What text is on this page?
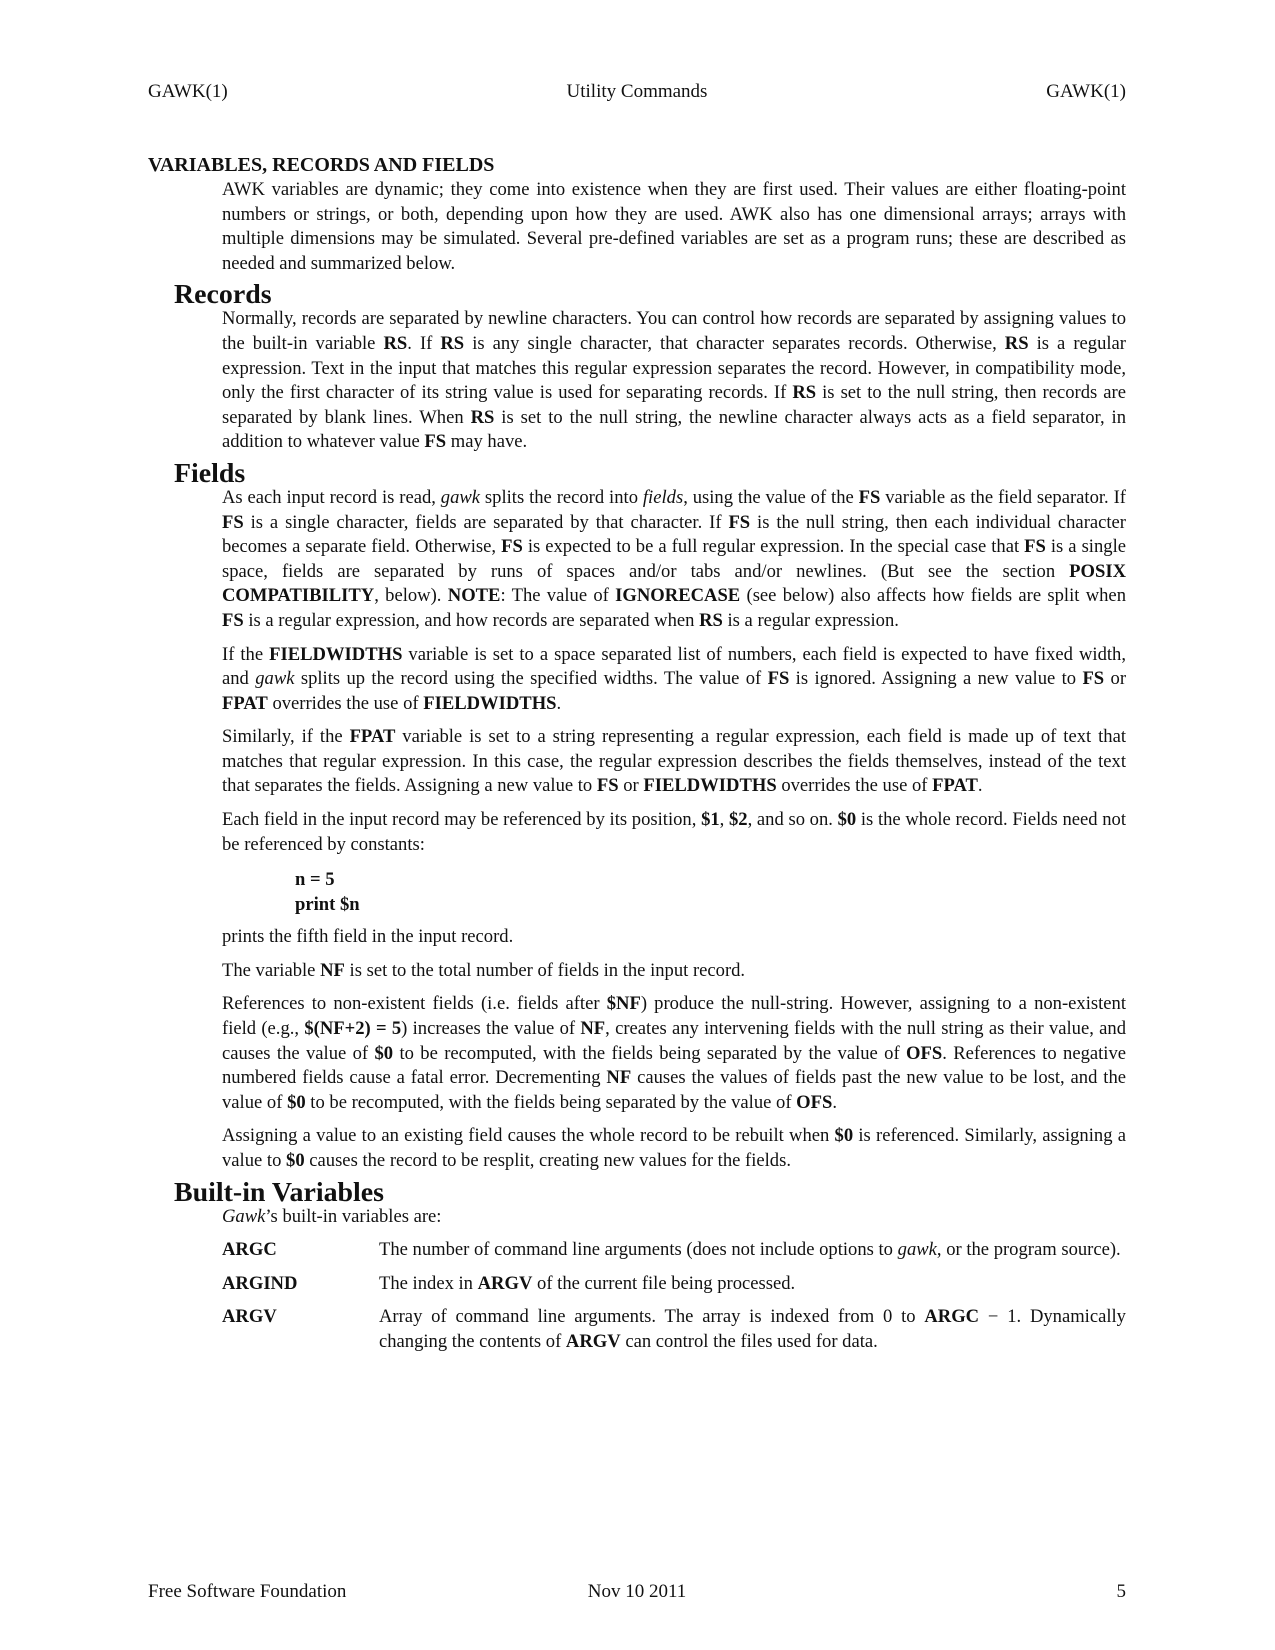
GAWK(1)	Utility Commands	GAWK(1)
VARIABLES, RECORDS AND FIELDS

AWK variables are dynamic; they come into existence when they are first used. Their values are either floating-point numbers or strings, or both, depending upon how they are used. AWK also has one dimensional arrays; arrays with multiple dimensions may be simulated. Several pre-defined variables are set as a program runs; these are described as needed and summarized below.

Records

Normally, records are separated by newline characters. You can control how records are separated by assigning values to the built-in variable RS. If RS is any single character, that character separates records. Otherwise, RS is a regular expression. Text in the input that matches this regular expression separates the record. However, in compatibility mode, only the first character of its string value is used for separating records. If RS is set to the null string, then records are separated by blank lines. When RS is set to the null string, the newline character always acts as a field separator, in addition to whatever value FS may have.

Fields

As each input record is read, gawk splits the record into fields, using the value of the FS variable as the field separator. If FS is a single character, fields are separated by that character. If FS is the null string, then each individual character becomes a separate field. Otherwise, FS is expected to be a full regular expression. In the special case that FS is a single space, fields are separated by runs of spaces and/or tabs and/or newlines. (But see the section POSIX COMPATIBILITY, below). NOTE: The value of IGNORECASE (see below) also affects how fields are split when FS is a regular expression, and how records are separated when RS is a regular expression.

If the FIELDWIDTHS variable is set to a space separated list of numbers, each field is expected to have fixed width, and gawk splits up the record using the specified widths. The value of FS is ignored. Assigning a new value to FS or FPAT overrides the use of FIELDWIDTHS.

Similarly, if the FPAT variable is set to a string representing a regular expression, each field is made up of text that matches that regular expression. In this case, the regular expression describes the fields themselves, instead of the text that separates the fields. Assigning a new value to FS or FIELDWIDTHS overrides the use of FPAT.

Each field in the input record may be referenced by its position, $1, $2, and so on. $0 is the whole record. Fields need not be referenced by constants:

n = 5
print $n

prints the fifth field in the input record.

The variable NF is set to the total number of fields in the input record.

References to non-existent fields (i.e. fields after $NF) produce the null-string. However, assigning to a non-existent field (e.g., $(NF+2) = 5) increases the value of NF, creates any intervening fields with the null string as their value, and causes the value of $0 to be recomputed, with the fields being separated by the value of OFS. References to negative numbered fields cause a fatal error. Decrementing NF causes the values of fields past the new value to be lost, and the value of $0 to be recomputed, with the fields being separated by the value of OFS.

Assigning a value to an existing field causes the whole record to be rebuilt when $0 is referenced. Similarly, assigning a value to $0 causes the record to be resplit, creating new values for the fields.

Built-in Variables

Gawk’s built-in variables are:

ARGC	The number of command line arguments (does not include options to gawk, or the program source).
ARGIND	The index in ARGV of the current file being processed.
ARGV	Array of command line arguments. The array is indexed from 0 to ARGC − 1. Dynamically changing the contents of ARGV can control the files used for data.
Free Software Foundation	Nov 10 2011	5
